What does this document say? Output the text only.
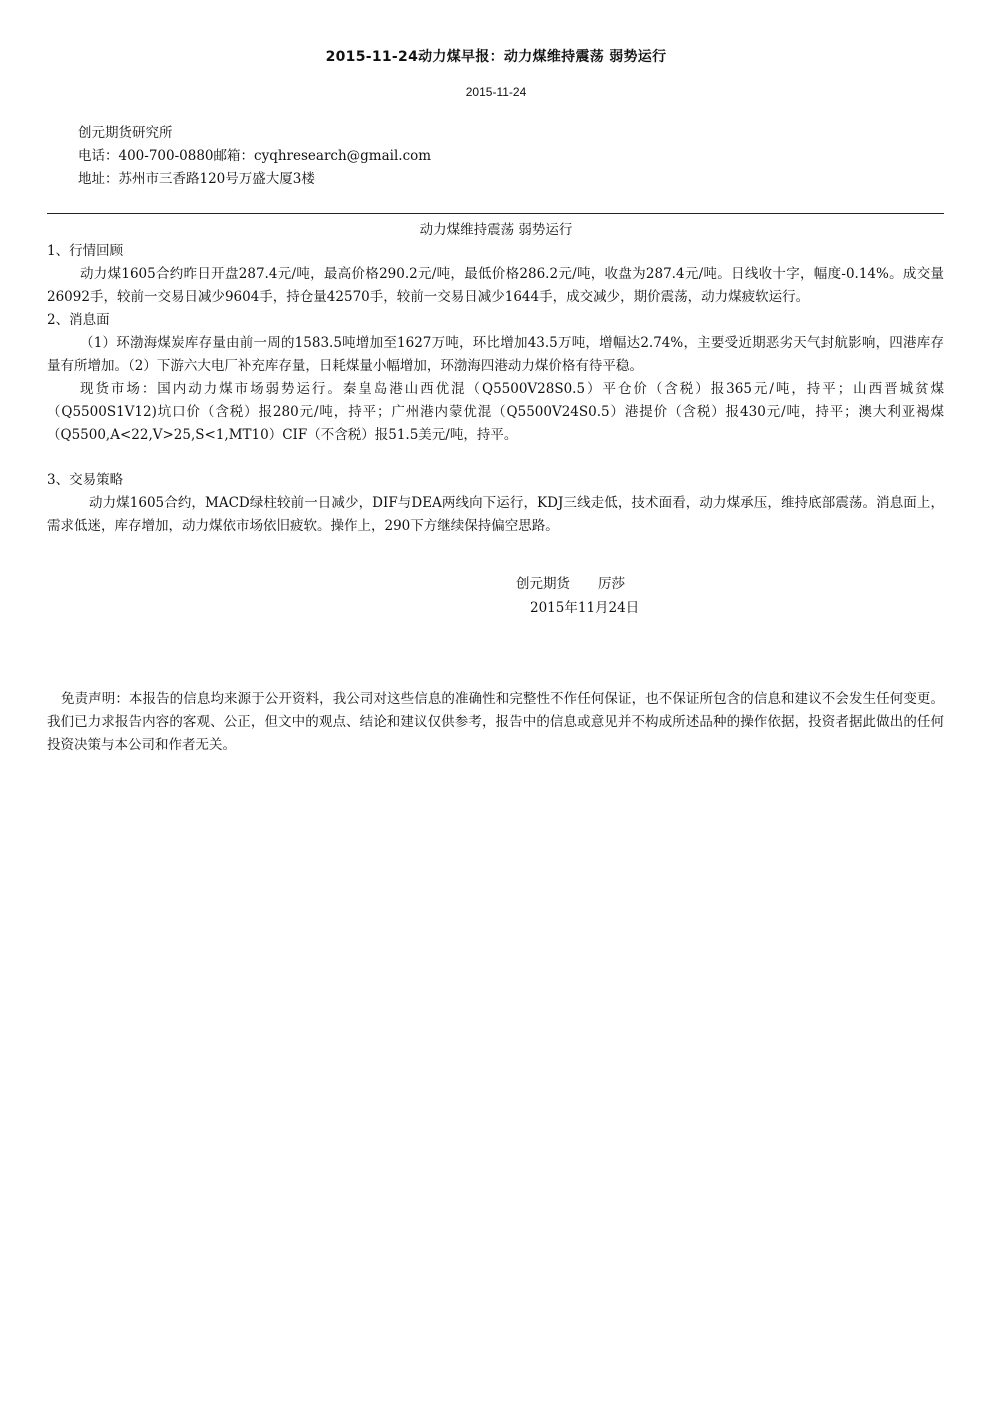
2015-11-24动力煤早报：动力煤维持震荡 弱势运行
2015-11-24
创元期货研究所
电话：400-700-0880邮箱：cyqhresearch@gmail.com
地址：苏州市三香路120号万盛大厦3楼
动力煤维持震荡 弱势运行

1、行情回顾

动力煤1605合约昨日开盘287.4元/吨，最高价格290.2元/吨，最低价格286.2元/吨，收盘为287.4元/吨。日线收十字，幅度-0.14%。成交量26092手，较前一交易日减少9604手，持仓量42570手，较前一交易日减少1644手，成交减少，期价震荡，动力煤疲软运行。

2、消息面

（1）环渤海煤炭库存量由前一周的1583.5吨增加至1627万吨，环比增加43.5万吨，增幅达2.74%，主要受近期恶劣天气封航影响，四港库存量有所增加。（2）下游六大电厂补充库存量，日耗煤量小幅增加，环渤海四港动力煤价格有待平稳。

现货市场：国内动力煤市场弱势运行。秦皇岛港山西优混（Q5500V28S0.5）平仓价（含税）报365元/吨，持平；山西晋城贫煤（Q5500S1V12)坑口价（含税）报280元/吨，持平；广州港内蒙优混（Q5500V24S0.5）港提价（含税）报430元/吨，持平；澳大利亚褐煤（Q5500,A<22,V>25,S<1,MT10）CIF（不含税）报51.5美元/吨，持平。

3、交易策略

动力煤1605合约，MACD绿柱较前一日减少，DIF与DEA两线向下运行，KDJ三线走低，技术面看，动力煤承压，维持底部震荡。消息面上，需求低迷，库存增加，动力煤依市场依旧疲软。操作上，290下方继续保持偏空思路。

创元期货 厉莎
2015年11月24日

免责声明：本报告的信息均来源于公开资料，我公司对这些信息的准确性和完整性不作任何保证，也不保证所包含的信息和建议不会发生任何变更。我们已力求报告内容的客观、公正，但文中的观点、结论和建议仅供参考，报告中的信息或意见并不构成所述品种的操作依据，投资者据此做出的任何投资决策与本公司和作者无关。
